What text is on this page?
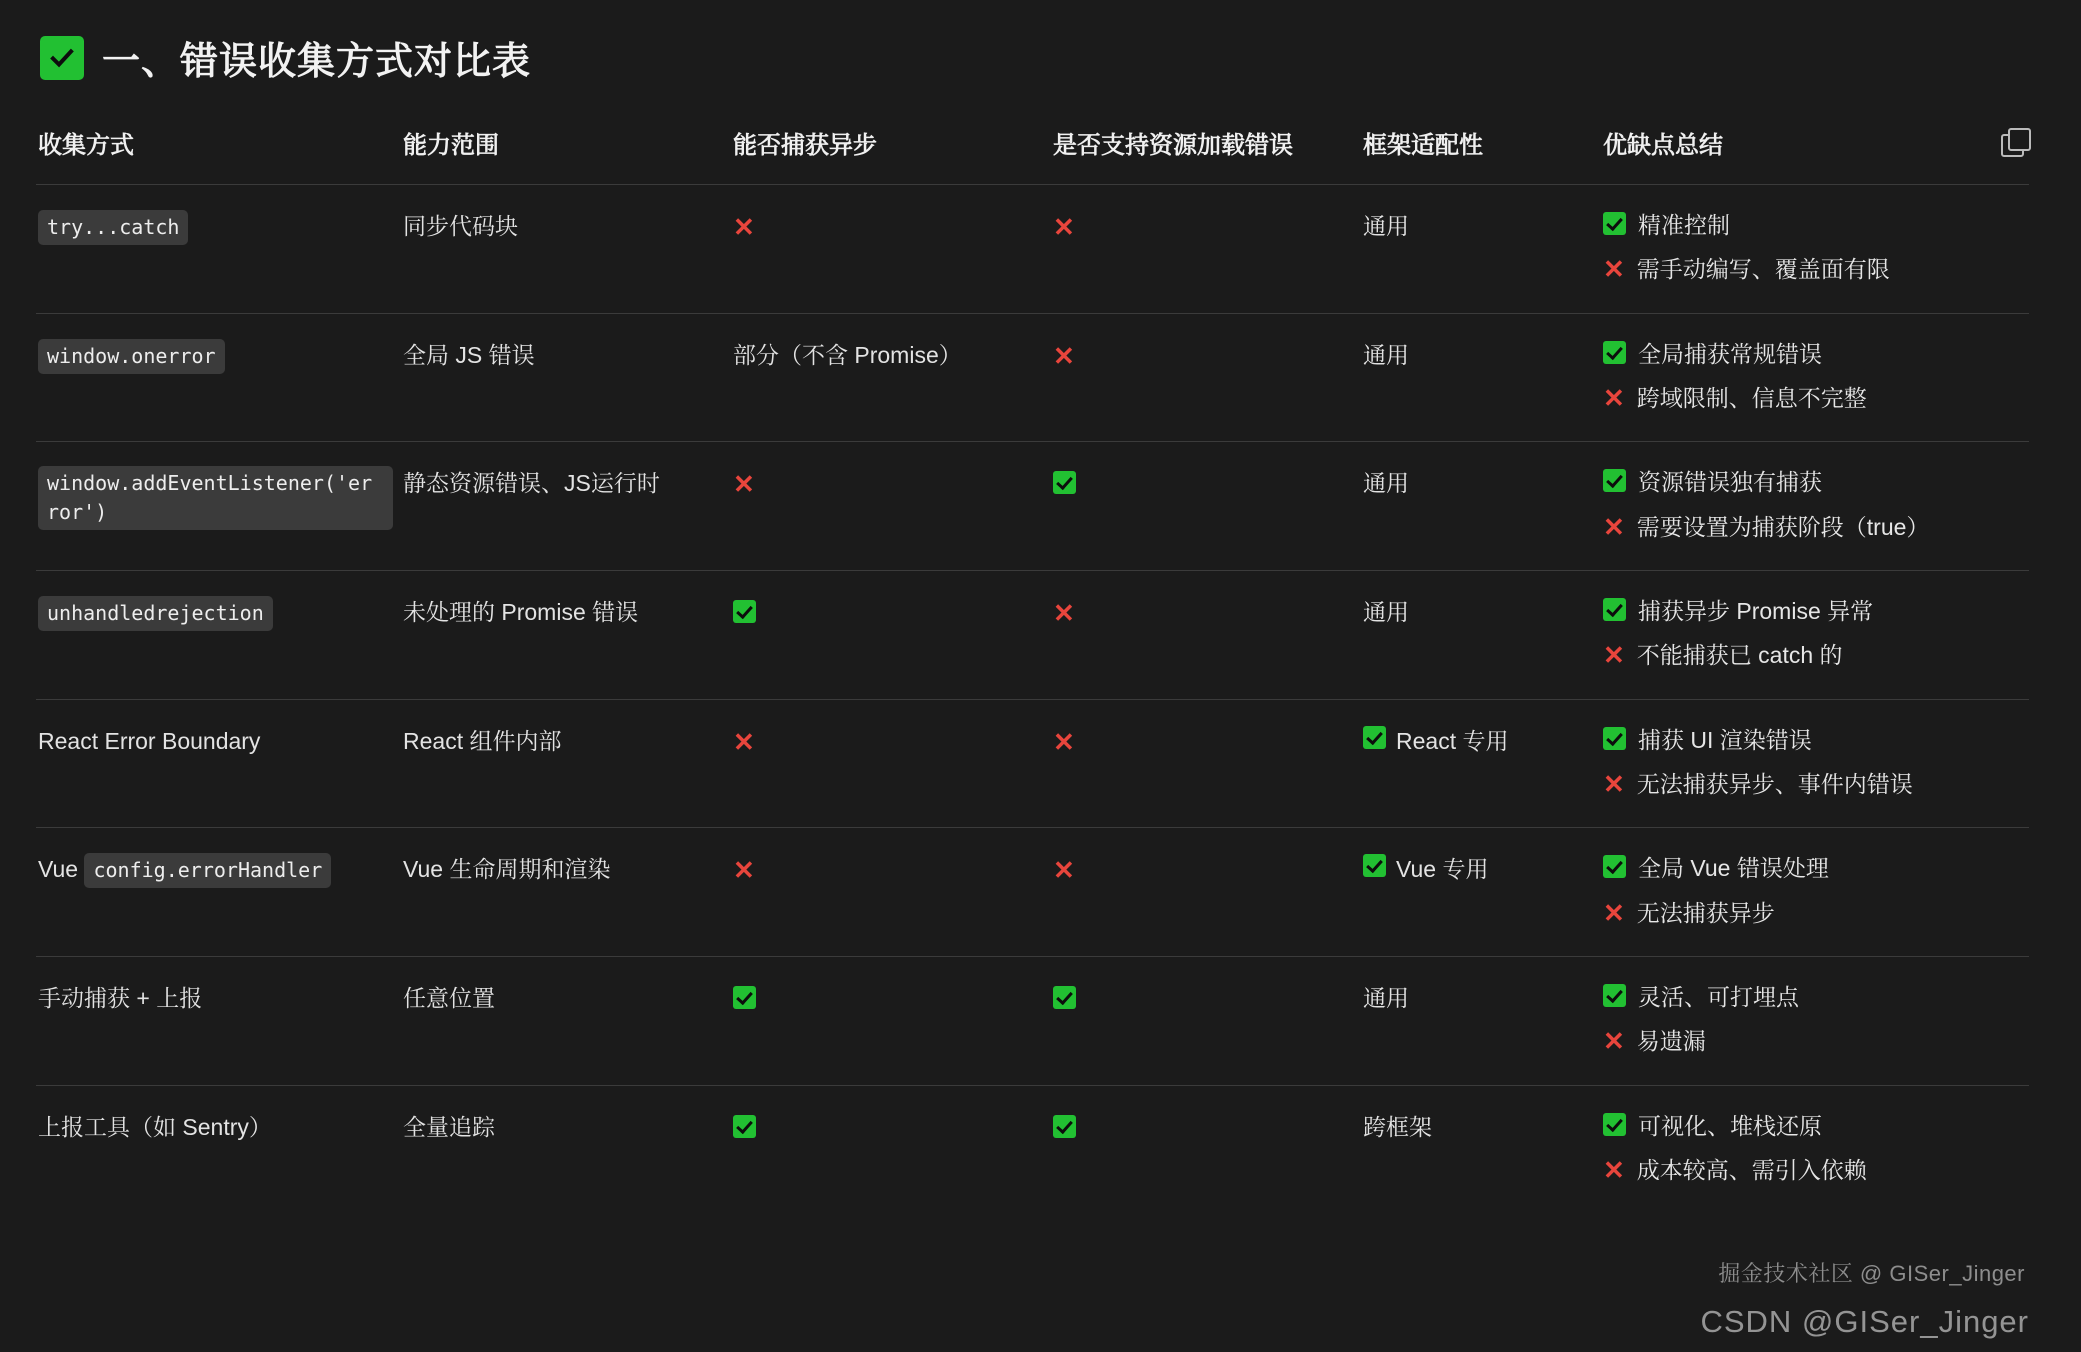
一、错误收集方式对比表
收集方式	能力范围	能否捕获异步	是否支持资源加载错误	框架适配性	优缺点总结
try...catch	同步代码块	✕	✕	通用	精准控制
✕ 需手动编写、覆盖面有限

window.onerror	全局 JS 错误	部分（不含 Promise）	✕	通用	全局捕获常规错误
✕ 跨域限制、信息不完整

window.addEventListener('error')	静态资源错误、JS运行时	✕		通用	资源错误独有捕获
✕ 需要设置为捕获阶段（true）

unhandledrejection	未处理的 Promise 错误		✕	通用	捕获异步 Promise 异常
✕ 不能捕获已 catch 的

React Error Boundary	React 组件内部	✕	✕	React 专用	捕获 UI 渲染错误
✕ 无法捕获异步、事件内错误

Vue config.errorHandler	Vue 生命周期和渲染	✕	✕	Vue 专用	全局 Vue 错误处理
✕ 无法捕获异步

手动捕获 + 上报	任意位置			通用	灵活、可打埋点
✕ 易遗漏

上报工具（如 Sentry）	全量追踪			跨框架	可视化、堆栈还原
✕ 成本较高、需引入依赖
掘金技术社区 @ GISer_Jinger
CSDN @GISer_Jinger
